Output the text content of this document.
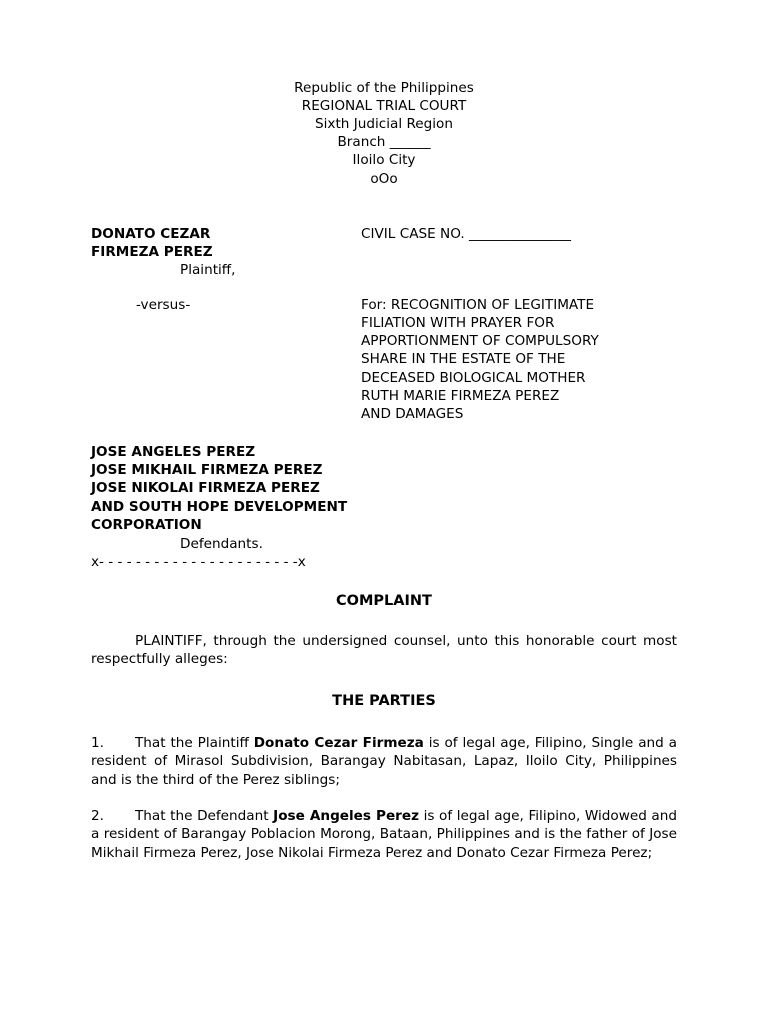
Republic of the Philippines
REGIONAL TRIAL COURT
Sixth Judicial Region
Branch ______
Iloilo City
oOo
DONATO CEZAR
FIRMEZA PEREZ
Plaintiff,
CIVIL CASE NO. _______________
-versus-	For: RECOGNITION OF LEGITIMATE
FILIATION WITH PRAYER FOR
APPORTIONMENT OF COMPULSORY
SHARE IN THE ESTATE OF THE
DECEASED BIOLOGICAL MOTHER
RUTH MARIE FIRMEZA PEREZ
AND DAMAGES
JOSE ANGELES PEREZ
JOSE MIKHAIL FIRMEZA PEREZ
JOSE NIKOLAI FIRMEZA PEREZ
AND SOUTH HOPE DEVELOPMENT
CORPORATION
Defendants.
x- - - - - - - - - - - - - - - - - - - - - -x
COMPLAINT

PLAINTIFF, through the undersigned counsel, unto this honorable court most respectfully alleges:

THE PARTIES

1. That the Plaintiff Donato Cezar Firmeza is of legal age, Filipino, Single and a resident of Mirasol Subdivision, Barangay Nabitasan, Lapaz, Iloilo City, Philippines and is the third of the Perez siblings;

2. That the Defendant Jose Angeles Perez is of legal age, Filipino, Widowed and a resident of Barangay Poblacion Morong, Bataan, Philippines and is the father of Jose Mikhail Firmeza Perez, Jose Nikolai Firmeza Perez and Donato Cezar Firmeza Perez;
